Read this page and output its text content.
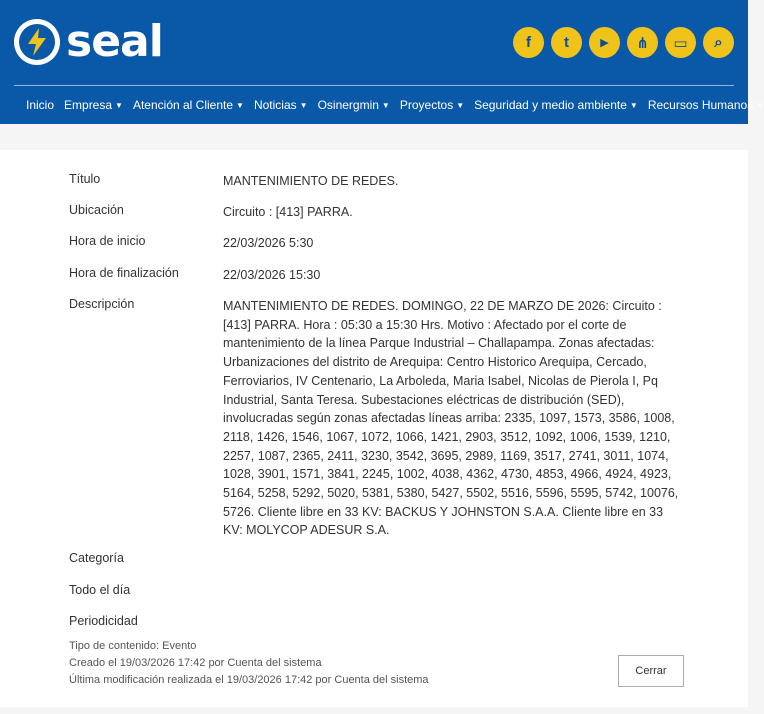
seal	f	t	▶	⋔	▭	⌕
Inicio Empresa ▼ Atención al Cliente ▼ Noticias ▼ Osinergmin ▼ Proyectos ▼ Seguridad y medio ambiente ▼ Recursos Humanos ▼
Título	MANTENIMIENTO DE REDES.
Ubicación	Circuito : [413] PARRA.
Hora de inicio	22/03/2026 5:30
Hora de finalización	22/03/2026 15:30
Descripción	MANTENIMIENTO DE REDES. DOMINGO, 22 DE MARZO DE 2026: Circuito : [413] PARRA. Hora : 05:30 a 15:30 Hrs. Motivo : Afectado por el corte de mantenimiento de la línea Parque Industrial – Challapampa. Zonas afectadas: Urbanizaciones del distrito de Arequipa: Centro Historico Arequipa, Cercado, Ferroviarios, IV Centenario, La Arboleda, Maria Isabel, Nicolas de Pierola I, Pq Industrial, Santa Teresa. Subestaciones eléctricas de distribución (SED), involucradas según zonas afectadas líneas arriba: 2335, 1097, 1573, 3586, 1008, 2118, 1426, 1546, 1067, 1072, 1066, 1421, 2903, 3512, 1092, 1006, 1539, 1210, 2257, 1087, 2365, 2411, 3230, 3542, 3695, 2989, 1169, 3517, 2741, 3011, 1074, 1028, 3901, 1571, 3841, 2245, 1002, 4038, 4362, 4730, 4853, 4966, 4924, 4923, 5164, 5258, 5292, 5020, 5381, 5380, 5427, 5502, 5516, 5596, 5595, 5742, 10076, 5726. Cliente libre en 33 KV: BACKUS Y JOHNSTON S.A.A. Cliente libre en 33 KV: MOLYCOP ADESUR S.A.
Categoría
Todo el día
Periodicidad
Tipo de contenido: Evento
Creado el 19/03/2026 17:42 por Cuenta del sistema
Última modificación realizada el 19/03/2026 17:42 por Cuenta del sistema
Cerrar
